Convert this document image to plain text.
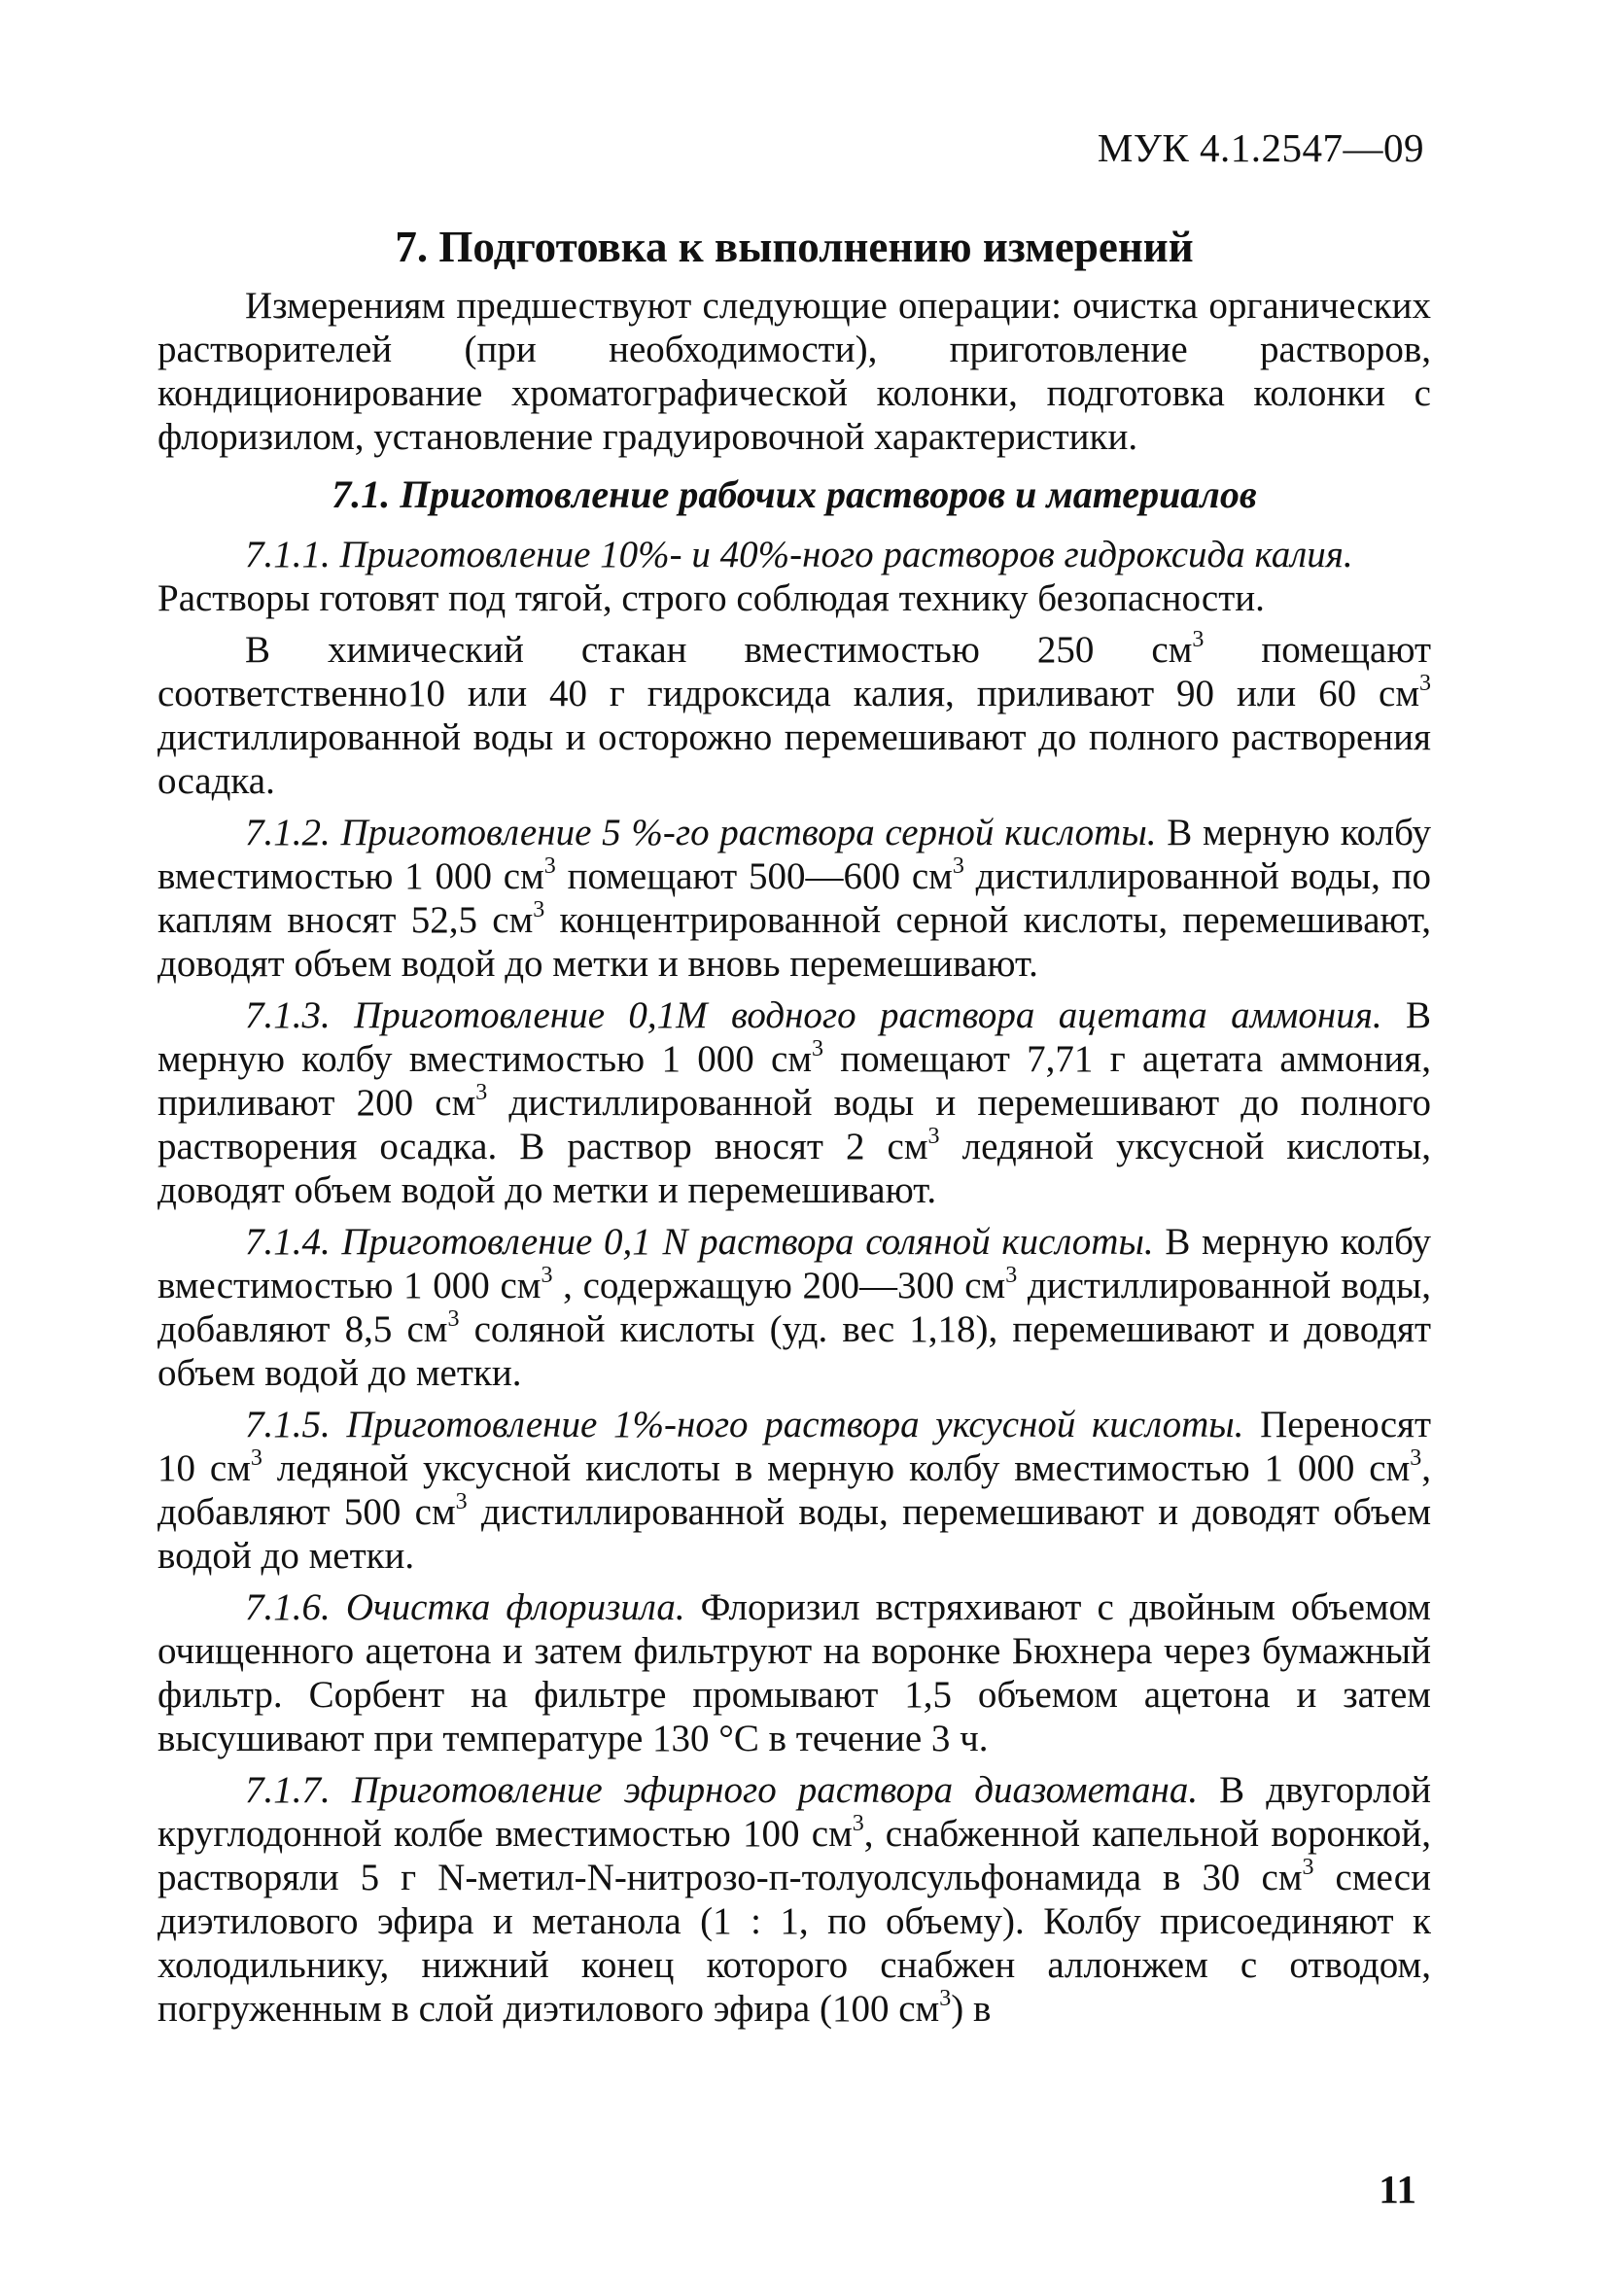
МУК 4.1.2547—09
7. Подготовка к выполнению измерений

Измерениям предшествуют следующие операции: очистка органических растворителей (при необходимости), приготовление растворов, кондиционирование хроматографической колонки, подготовка колонки с флоризилом, установление градуировочной характеристики.

7.1. Приготовление рабочих растворов и материалов

7.1.1. Приготовление 10%- и 40%-ного растворов гидроксида калия.
Растворы готовят под тягой, строго соблюдая технику безопасности.

В химический стакан вместимостью 250 $см^3$ помещают соответственно10 или 40 г гидроксида калия, приливают 90 или 60 $см^3$ дистиллированной воды и осторожно перемешивают до полного растворения осадка.

7.1.2. Приготовление 5 %-го раствора серной кислоты. В мерную колбу вместимостью 1 000 $см^3$ помещают 500—600 $см^3$ дистиллированной воды, по каплям вносят 52,5 $см^3$ концентрированной серной кислоты, перемешивают, доводят объем водой до метки и вновь перемешивают.

7.1.3. Приготовление 0,1М водного раствора ацетата аммония. В мерную колбу вместимостью 1 000 $см^3$ помещают 7,71 г ацетата аммония, приливают 200 $см^3$ дистиллированной воды и перемешивают до полного растворения осадка. В раствор вносят 2 $см^3$ ледяной уксусной кислоты, доводят объем водой до метки и перемешивают.

7.1.4. Приготовление 0,1 N раствора соляной кислоты. В мерную колбу вместимостью 1 000 $см^3$ , содержащую 200—300 $см^3$ дистиллированной воды, добавляют 8,5 $см^3$ соляной кислоты (уд. вес 1,18), перемешивают и доводят объем водой до метки.

7.1.5. Приготовление 1%-ного раствора уксусной кислоты. Переносят 10 $см^3$ ледяной уксусной кислоты в мерную колбу вместимостью 1 000 $см^3$, добавляют 500 $см^3$ дистиллированной воды, перемешивают и доводят объем водой до метки.

7.1.6. Очистка флоризила. Флоризил встряхивают с двойным объемом очищенного ацетона и затем фильтруют на воронке Бюхнера через бумажный фильтр. Сорбент на фильтре промывают 1,5 объемом ацетона и затем высушивают при температуре 130 °С в течение 3 ч.

7.1.7. Приготовление эфирного раствора диазометана. В двугорлой круглодонной колбе вместимостью 100 $см^3$, снабженной капельной воронкой, растворяли 5 г N-метил-N-нитрозо-п-толуолсульфонамида в 30 $см^3$ смеси диэтилового эфира и метанола (1 : 1, по объему). Колбу присоединяют к холодильнику, нижний конец которого снабжен аллонжем с отводом, погруженным в слой диэтилового эфира (100 $см^3$) в

11
